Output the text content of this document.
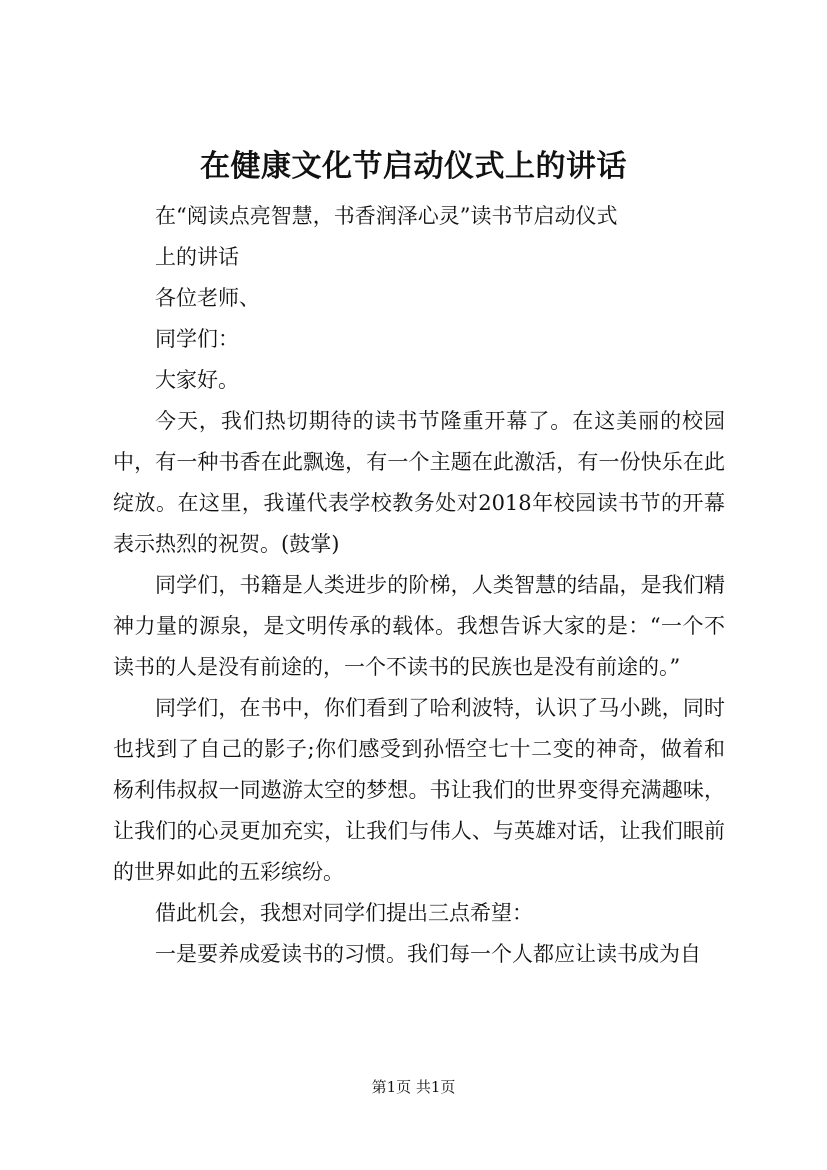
在健康文化节启动仪式上的讲话

在“阅读点亮智慧，书香润泽心灵”读书节启动仪式

上的讲话

各位老师、

同学们：

大家好。

今天，我们热切期待的读书节隆重开幕了。在这美丽的校园中，有一种书香在此飘逸，有一个主题在此激活，有一份快乐在此绽放。在这里，我谨代表学校教务处对2018年校园读书节的开幕表示热烈的祝贺。(鼓掌)

同学们，书籍是人类进步的阶梯，人类智慧的结晶，是我们精神力量的源泉，是文明传承的载体。我想告诉大家的是：“一个不读书的人是没有前途的，一个不读书的民族也是没有前途的。”

同学们，在书中，你们看到了哈利波特，认识了马小跳，同时也找到了自己的影子;你们感受到孙悟空七十二变的神奇，做着和杨利伟叔叔一同遨游太空的梦想。书让我们的世界变得充满趣味，让我们的心灵更加充实，让我们与伟人、与英雄对话，让我们眼前的世界如此的五彩缤纷。

借此机会，我想对同学们提出三点希望：

一是要养成爱读书的习惯。我们每一个人都应让读书成为自

第1页 共1页
